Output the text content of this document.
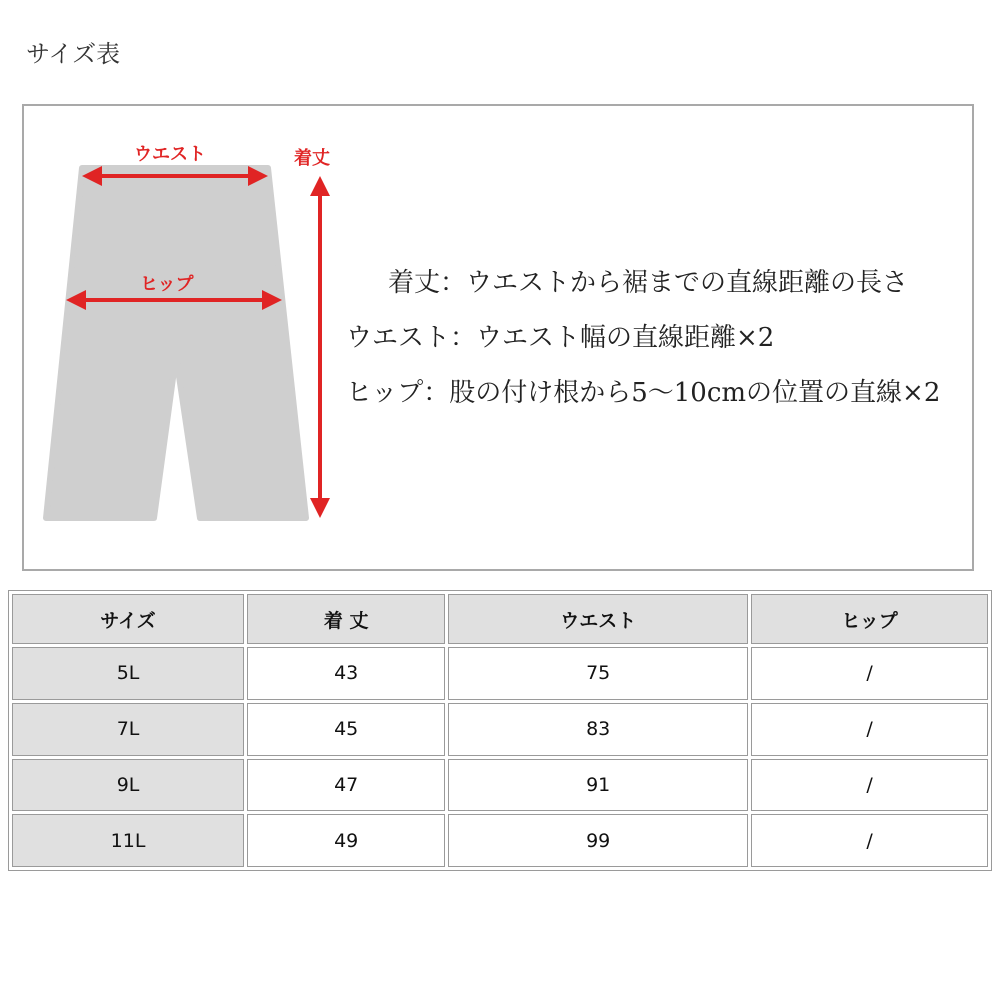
サイズ表
ウエスト
ヒップ
着丈
着丈：ウエストから裾までの直線距離の長さ
ウエスト：ウエスト幅の直線距離×2
ヒップ：股の付け根から5～10cmの位置の直線×2
サイズ	着 丈	ウエスト	ヒップ
5L	43	75	/
7L	45	83	/
9L	47	91	/
11L	49	99	/
